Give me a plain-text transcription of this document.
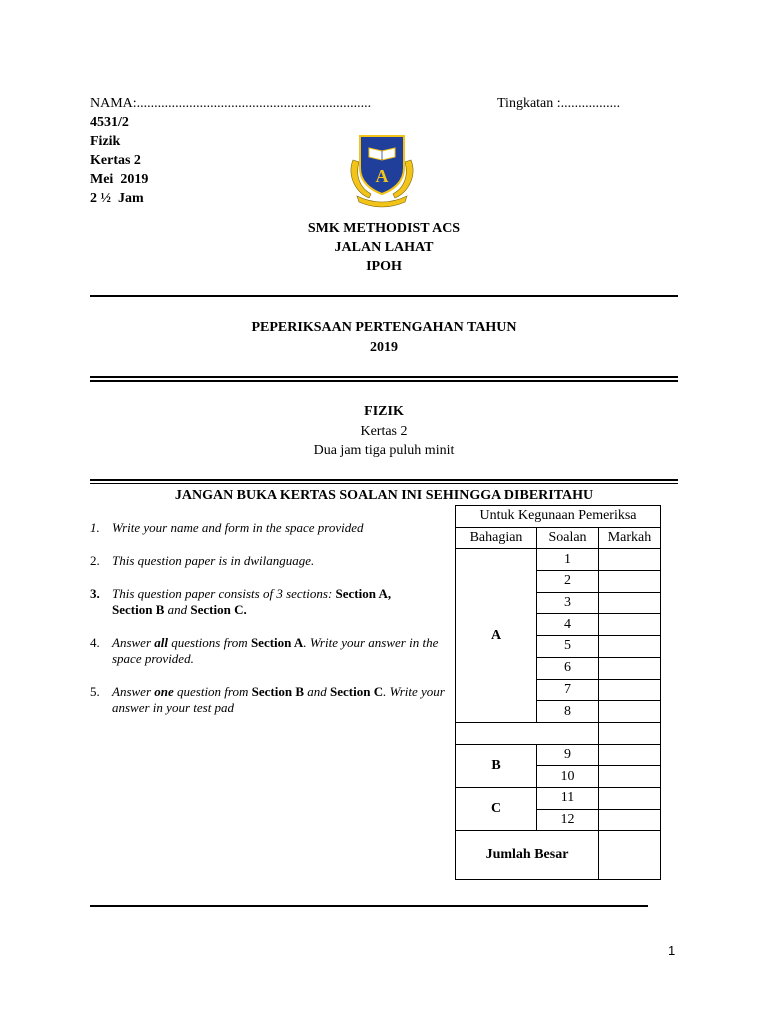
NAMA:...................................................................	Tingkatan :.................
4531/2
Fizik
Kertas 2
Mei  2019
2 ½  Jam
A
SMK METHODIST ACS
JALAN LAHAT
IPOH
PEPERIKSAAN PERTENGAHAN TAHUN
2019
FIZIK
Kertas 2
Dua jam tiga puluh minit
JANGAN BUKA KERTAS SOALAN INI SEHINGGA DIBERITAHU
1. Write your name and form in the space provided
2. This question paper is in dwilanguage.
3. This question paper consists of 3 sections: Section A,
Section B and Section C.
4. Answer all questions from Section A. Write your answer in the space provided.
5. Answer one question from Section B and Section C. Write your answer in your test pad
Untuk Kegunaan Pemeriksa		
Bahagian	Soalan	Markah
A	1	
	2	
	3	
	4	
	5	
	6	
	7	
	8	

B	9	
	10	
C	11	
	12	
Jumlah Besar		
1
